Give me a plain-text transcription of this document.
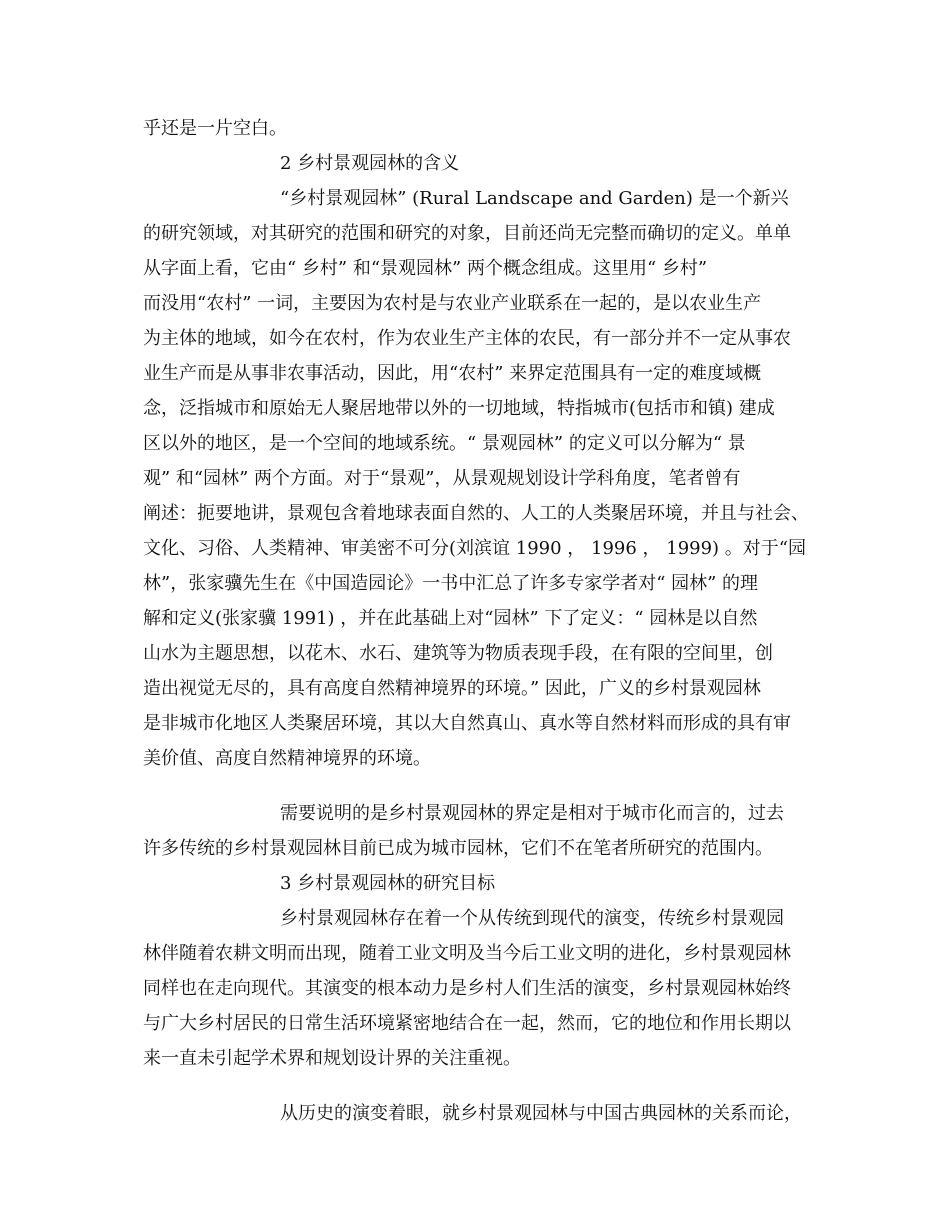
乎还是一片空白。

2 乡村景观园林的含义

“乡村景观园林” (Rural Landscape and Garden) 是一个新兴

的研究领域，对其研究的范围和研究的对象，目前还尚无完整而确切的定义。单单

从字面上看，它由“ 乡村” 和“景观园林” 两个概念组成。这里用“ 乡村”

而没用“农村” 一词，主要因为农村是与农业产业联系在一起的，是以农业生产

为主体的地域，如今在农村，作为农业生产主体的农民，有一部分并不一定从事农

业生产而是从事非农事活动，因此，用“农村” 来界定范围具有一定的难度域概

念，泛指城市和原始无人聚居地带以外的一切地域，特指城市(包括市和镇) 建成

区以外的地区，是一个空间的地域系统。“ 景观园林” 的定义可以分解为“ 景

观” 和“园林” 两个方面。对于“景观”，从景观规划设计学科角度，笔者曾有

阐述：扼要地讲，景观包含着地球表面自然的、人工的人类聚居环境，并且与社会、

文化、习俗、人类精神、审美密不可分(刘滨谊 1990 ， 1996 ， 1999) 。对于“园

林”，张家骥先生在《中国造园论》一书中汇总了许多专家学者对“ 园林” 的理

解和定义(张家骥 1991) ，并在此基础上对“园林” 下了定义：“ 园林是以自然

山水为主题思想，以花木、水石、建筑等为物质表现手段，在有限的空间里，创

造出视觉无尽的，具有高度自然精神境界的环境。” 因此，广义的乡村景观园林

是非城市化地区人类聚居环境，其以大自然真山、真水等自然材料而形成的具有审

美价值、高度自然精神境界的环境。

需要说明的是乡村景观园林的界定是相对于城市化而言的，过去

许多传统的乡村景观园林目前已成为城市园林，它们不在笔者所研究的范围内。

3 乡村景观园林的研究目标

乡村景观园林存在着一个从传统到现代的演变，传统乡村景观园

林伴随着农耕文明而出现，随着工业文明及当今后工业文明的进化，乡村景观园林

同样也在走向现代。其演变的根本动力是乡村人们生活的演变，乡村景观园林始终

与广大乡村居民的日常生活环境紧密地结合在一起，然而，它的地位和作用长期以

来一直未引起学术界和规划设计界的关注重视。

从历史的演变着眼，就乡村景观园林与中国古典园林的关系而论，
